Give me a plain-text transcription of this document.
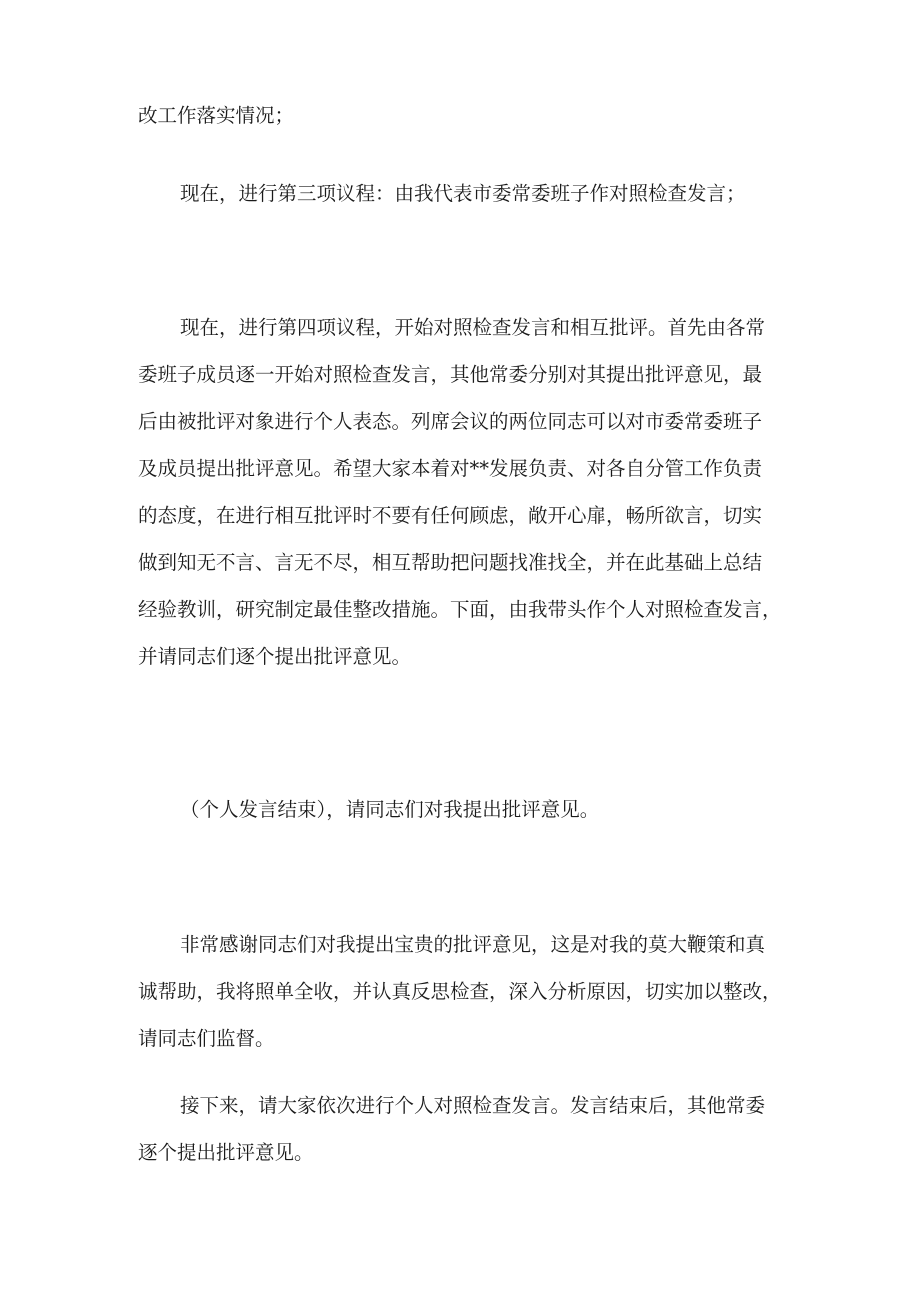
改工作落实情况；
现在，进行第三项议程：由我代表市委常委班子作对照检查发言；
现在，进行第四项议程，开始对照检查发言和相互批评。首先由各常
委班子成员逐一开始对照检查发言，其他常委分别对其提出批评意见，最
后由被批评对象进行个人表态。列席会议的两位同志可以对市委常委班子
及成员提出批评意见。希望大家本着对**发展负责、对各自分管工作负责
的态度，在进行相互批评时不要有任何顾虑，敞开心扉，畅所欲言，切实
做到知无不言、言无不尽，相互帮助把问题找准找全，并在此基础上总结
经验教训，研究制定最佳整改措施。下面，由我带头作个人对照检查发言，
并请同志们逐个提出批评意见。
（个人发言结束），请同志们对我提出批评意见。
非常感谢同志们对我提出宝贵的批评意见，这是对我的莫大鞭策和真
诚帮助，我将照单全收，并认真反思检查，深入分析原因，切实加以整改，
请同志们监督。
接下来，请大家依次进行个人对照检查发言。发言结束后，其他常委
逐个提出批评意见。
